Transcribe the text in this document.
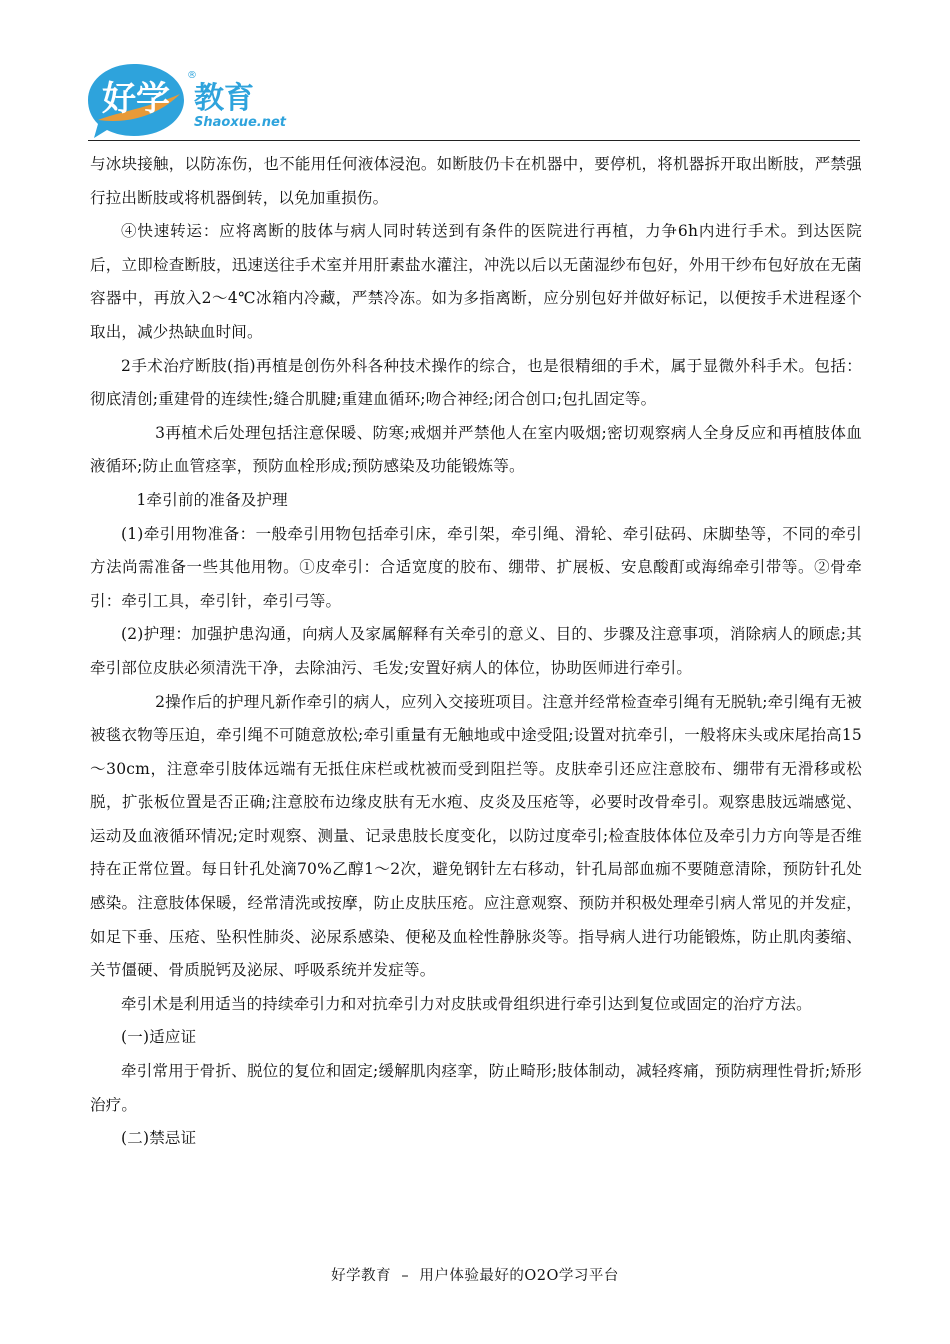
好学 教育
®
Shaoxue.net

与冰块接触，以防冻伤，也不能用任何液体浸泡。如断肢仍卡在机器中，要停机，将机器拆开取出断肢，严禁强行拉出断肢或将机器倒转，以免加重损伤。

④快速转运：应将离断的肢体与病人同时转送到有条件的医院进行再植，力争6h内进行手术。到达医院后，立即检查断肢，迅速送往手术室并用肝素盐水灌注，冲洗以后以无菌湿纱布包好，外用干纱布包好放在无菌容器中，再放入2～4℃冰箱内冷藏，严禁冷冻。如为多指离断，应分别包好并做好标记，以便按手术进程逐个取出，减少热缺血时间。

2手术治疗断肢(指)再植是创伤外科各种技术操作的综合，也是很精细的手术，属于显微外科手术。包括：彻底清创;重建骨的连续性;缝合肌腱;重建血循环;吻合神经;闭合创口;包扎固定等。

3再植术后处理包括注意保暖、防寒;戒烟并严禁他人在室内吸烟;密切观察病人全身反应和再植肢体血液循环;防止血管痉挛，预防血栓形成;预防感染及功能锻炼等。

1牵引前的准备及护理

(1)牵引用物准备：一般牵引用物包括牵引床，牵引架，牵引绳、滑轮、牵引砝码、床脚垫等，不同的牵引方法尚需准备一些其他用物。①皮牵引：合适宽度的胶布、绷带、扩展板、安息酸酊或海绵牵引带等。②骨牵引：牵引工具，牵引针，牵引弓等。

(2)护理：加强护患沟通，向病人及家属解释有关牵引的意义、目的、步骤及注意事项，消除病人的顾虑;其牵引部位皮肤必须清洗干净，去除油污、毛发;安置好病人的体位，协助医师进行牵引。

2操作后的护理凡新作牵引的病人，应列入交接班项目。注意并经常检查牵引绳有无脱轨;牵引绳有无被被毯衣物等压迫，牵引绳不可随意放松;牵引重量有无触地或中途受阻;设置对抗牵引，一般将床头或床尾抬高15～30cm，注意牵引肢体远端有无抵住床栏或枕被而受到阻拦等。皮肤牵引还应注意胶布、绷带有无滑移或松脱，扩张板位置是否正确;注意胶布边缘皮肤有无水疱、皮炎及压疮等，必要时改骨牵引。观察患肢远端感觉、运动及血液循环情况;定时观察、测量、记录患肢长度变化，以防过度牵引;检查肢体体位及牵引力方向等是否维持在正常位置。每日针孔处滴70%乙醇1～2次，避免钢针左右移动，针孔局部血痂不要随意清除，预防针孔处感染。注意肢体保暖，经常清洗或按摩，防止皮肤压疮。应注意观察、预防并积极处理牵引病人常见的并发症，如足下垂、压疮、坠积性肺炎、泌尿系感染、便秘及血栓性静脉炎等。指导病人进行功能锻炼，防止肌肉萎缩、关节僵硬、骨质脱钙及泌尿、呼吸系统并发症等。

牵引术是利用适当的持续牵引力和对抗牵引力对皮肤或骨组织进行牵引达到复位或固定的治疗方法。

(一)适应证

牵引常用于骨折、脱位的复位和固定;缓解肌肉痉挛，防止畸形;肢体制动，减轻疼痛，预防病理性骨折;矫形治疗。

(二)禁忌证

好学教育  –  用户体验最好的O2O学习平台
